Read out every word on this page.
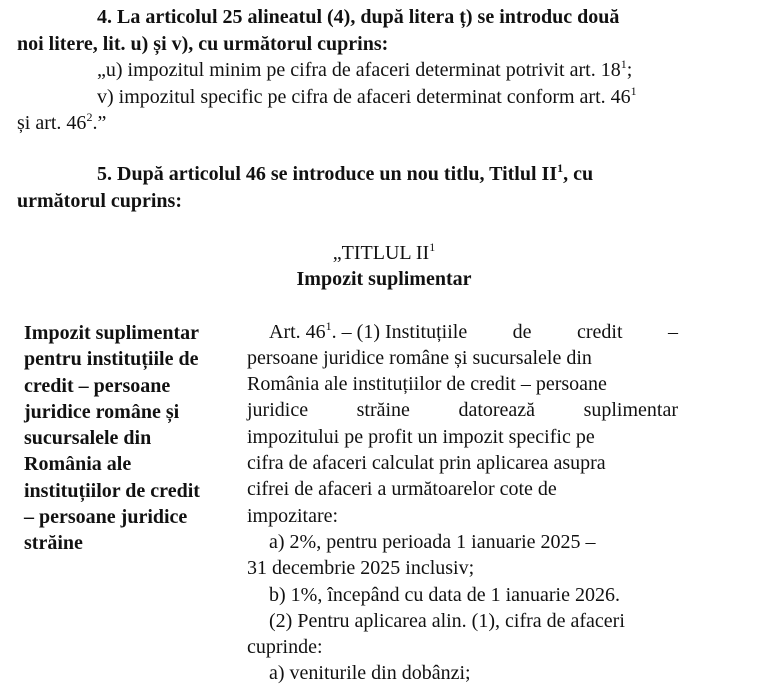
4. La articolul 25 alineatul (4), după litera ț) se introduc două
noi litere, lit. u) și v), cu următorul cuprins:
„u) impozitul minim pe cifra de afaceri determinat potrivit art. $18^1$;
v) impozitul specific pe cifra de afaceri determinat conform art. $46^1$
și art. $46^2$.”
5. După articolul 46 se introduce un nou titlu, Titlul $II^1$, cu
următorul cuprins:
„TITLUL $II^1$
Impozit suplimentar
Impozit suplimentar
pentru instituțiile de
credit – persoane
juridice române și
sucursalele din
România ale
instituțiilor de credit
– persoane juridice
străine
Art. $46^1$. – (1) Instituțiile de credit –
persoane juridice române și sucursalele din
România ale instituțiilor de credit – persoane
juridice străine datorează suplimentar
impozitului pe profit un impozit specific pe
cifra de afaceri calculat prin aplicarea asupra
cifrei de afaceri a următoarelor cote de
impozitare:
a) 2%, pentru perioada 1 ianuarie 2025 –
31 decembrie 2025 inclusiv;
b) 1%, începând cu data de 1 ianuarie 2026.
(2) Pentru aplicarea alin. (1), cifra de afaceri
cuprinde:
a) veniturile din dobânzi;
